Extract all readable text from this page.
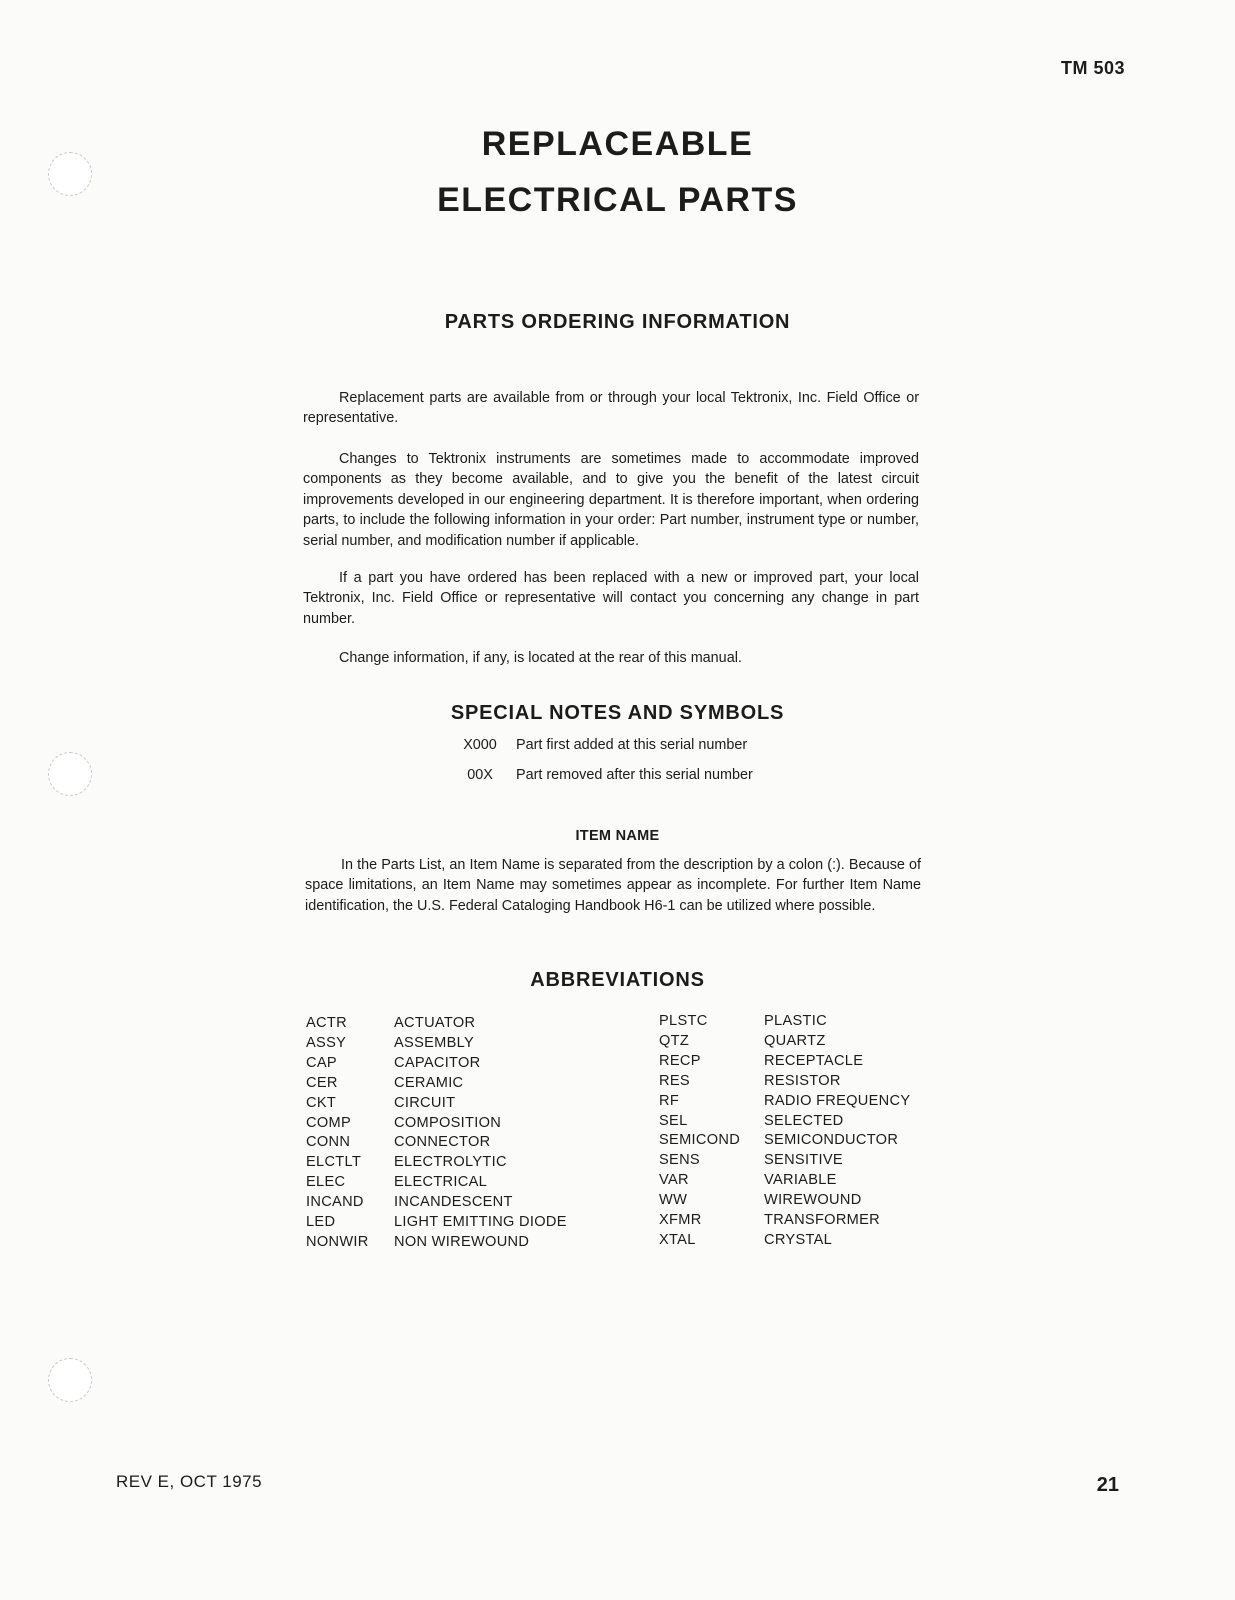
TM 503
REPLACEABLE
ELECTRICAL PARTS
PARTS ORDERING INFORMATION

Replacement parts are available from or through your local Tektronix, Inc. Field Office or representative.

Changes to Tektronix instruments are sometimes made to accommodate improved components as they become available, and to give you the benefit of the latest circuit improvements developed in our engineering department. It is therefore important, when ordering parts, to include the following information in your order: Part number, instrument type or number, serial number, and modification number if applicable.

If a part you have ordered has been replaced with a new or improved part, your local Tektronix, Inc. Field Office or representative will contact you concerning any change in part number.

Change information, if any, is located at the rear of this manual.

SPECIAL NOTES AND SYMBOLS
X000	Part first added at this serial number
00X	Part removed after this serial number
ITEM NAME

In the Parts List, an Item Name is separated from the description by a colon (:). Because of space limitations, an Item Name may sometimes appear as incomplete. For further Item Name identification, the U.S. Federal Cataloging Handbook H6-1 can be utilized where possible.

ABBREVIATIONS
ACTR	ACTUATOR
ASSY	ASSEMBLY
CAP	CAPACITOR
CER	CERAMIC
CKT	CIRCUIT
COMP	COMPOSITION
CONN	CONNECTOR
ELCTLT	ELECTROLYTIC
ELEC	ELECTRICAL
INCAND	INCANDESCENT
LED	LIGHT EMITTING DIODE
NONWIR	NON WIREWOUND
PLSTC	PLASTIC
QTZ	QUARTZ
RECP	RECEPTACLE
RES	RESISTOR
RF	RADIO FREQUENCY
SEL	SELECTED
SEMICOND	SEMICONDUCTOR
SENS	SENSITIVE
VAR	VARIABLE
WW	WIREWOUND
XFMR	TRANSFORMER
XTAL	CRYSTAL
REV E, OCT 1975	21
